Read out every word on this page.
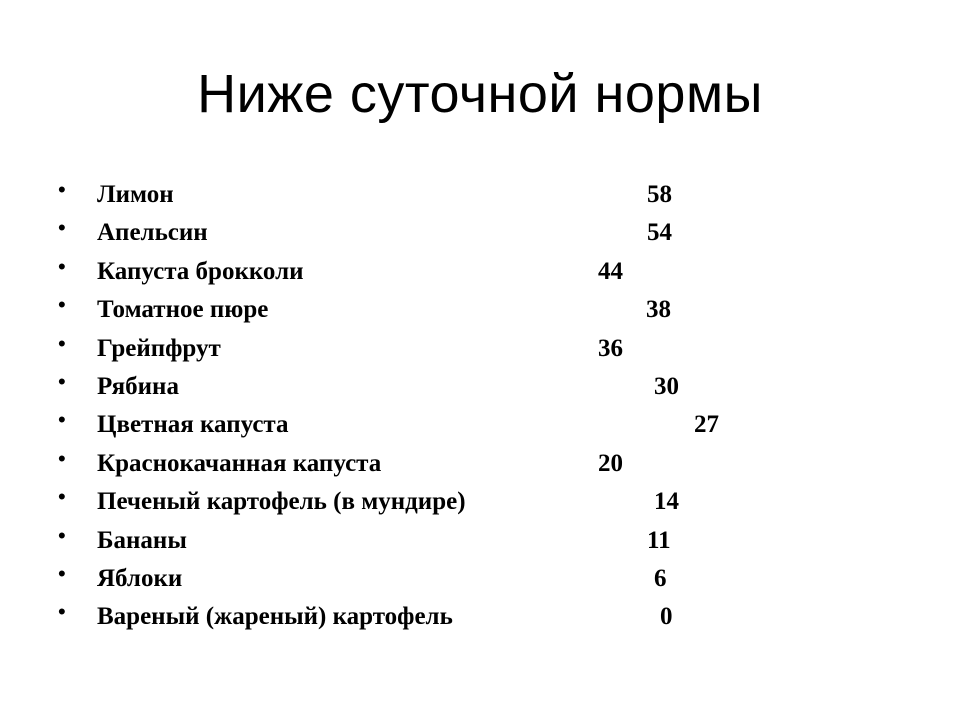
Ниже суточной нормы
• Лимон	58
• Апельсин	54
• Капуста брокколи	44
• Томатное пюре	38
• Грейпфрут	36
• Рябина	30
• Цветная капуста	27
• Краснокачанная капуста	20
• Печеный картофель (в мундире)	14
• Бананы	11
• Яблоки	6
• Вареный (жареный) картофель	0
